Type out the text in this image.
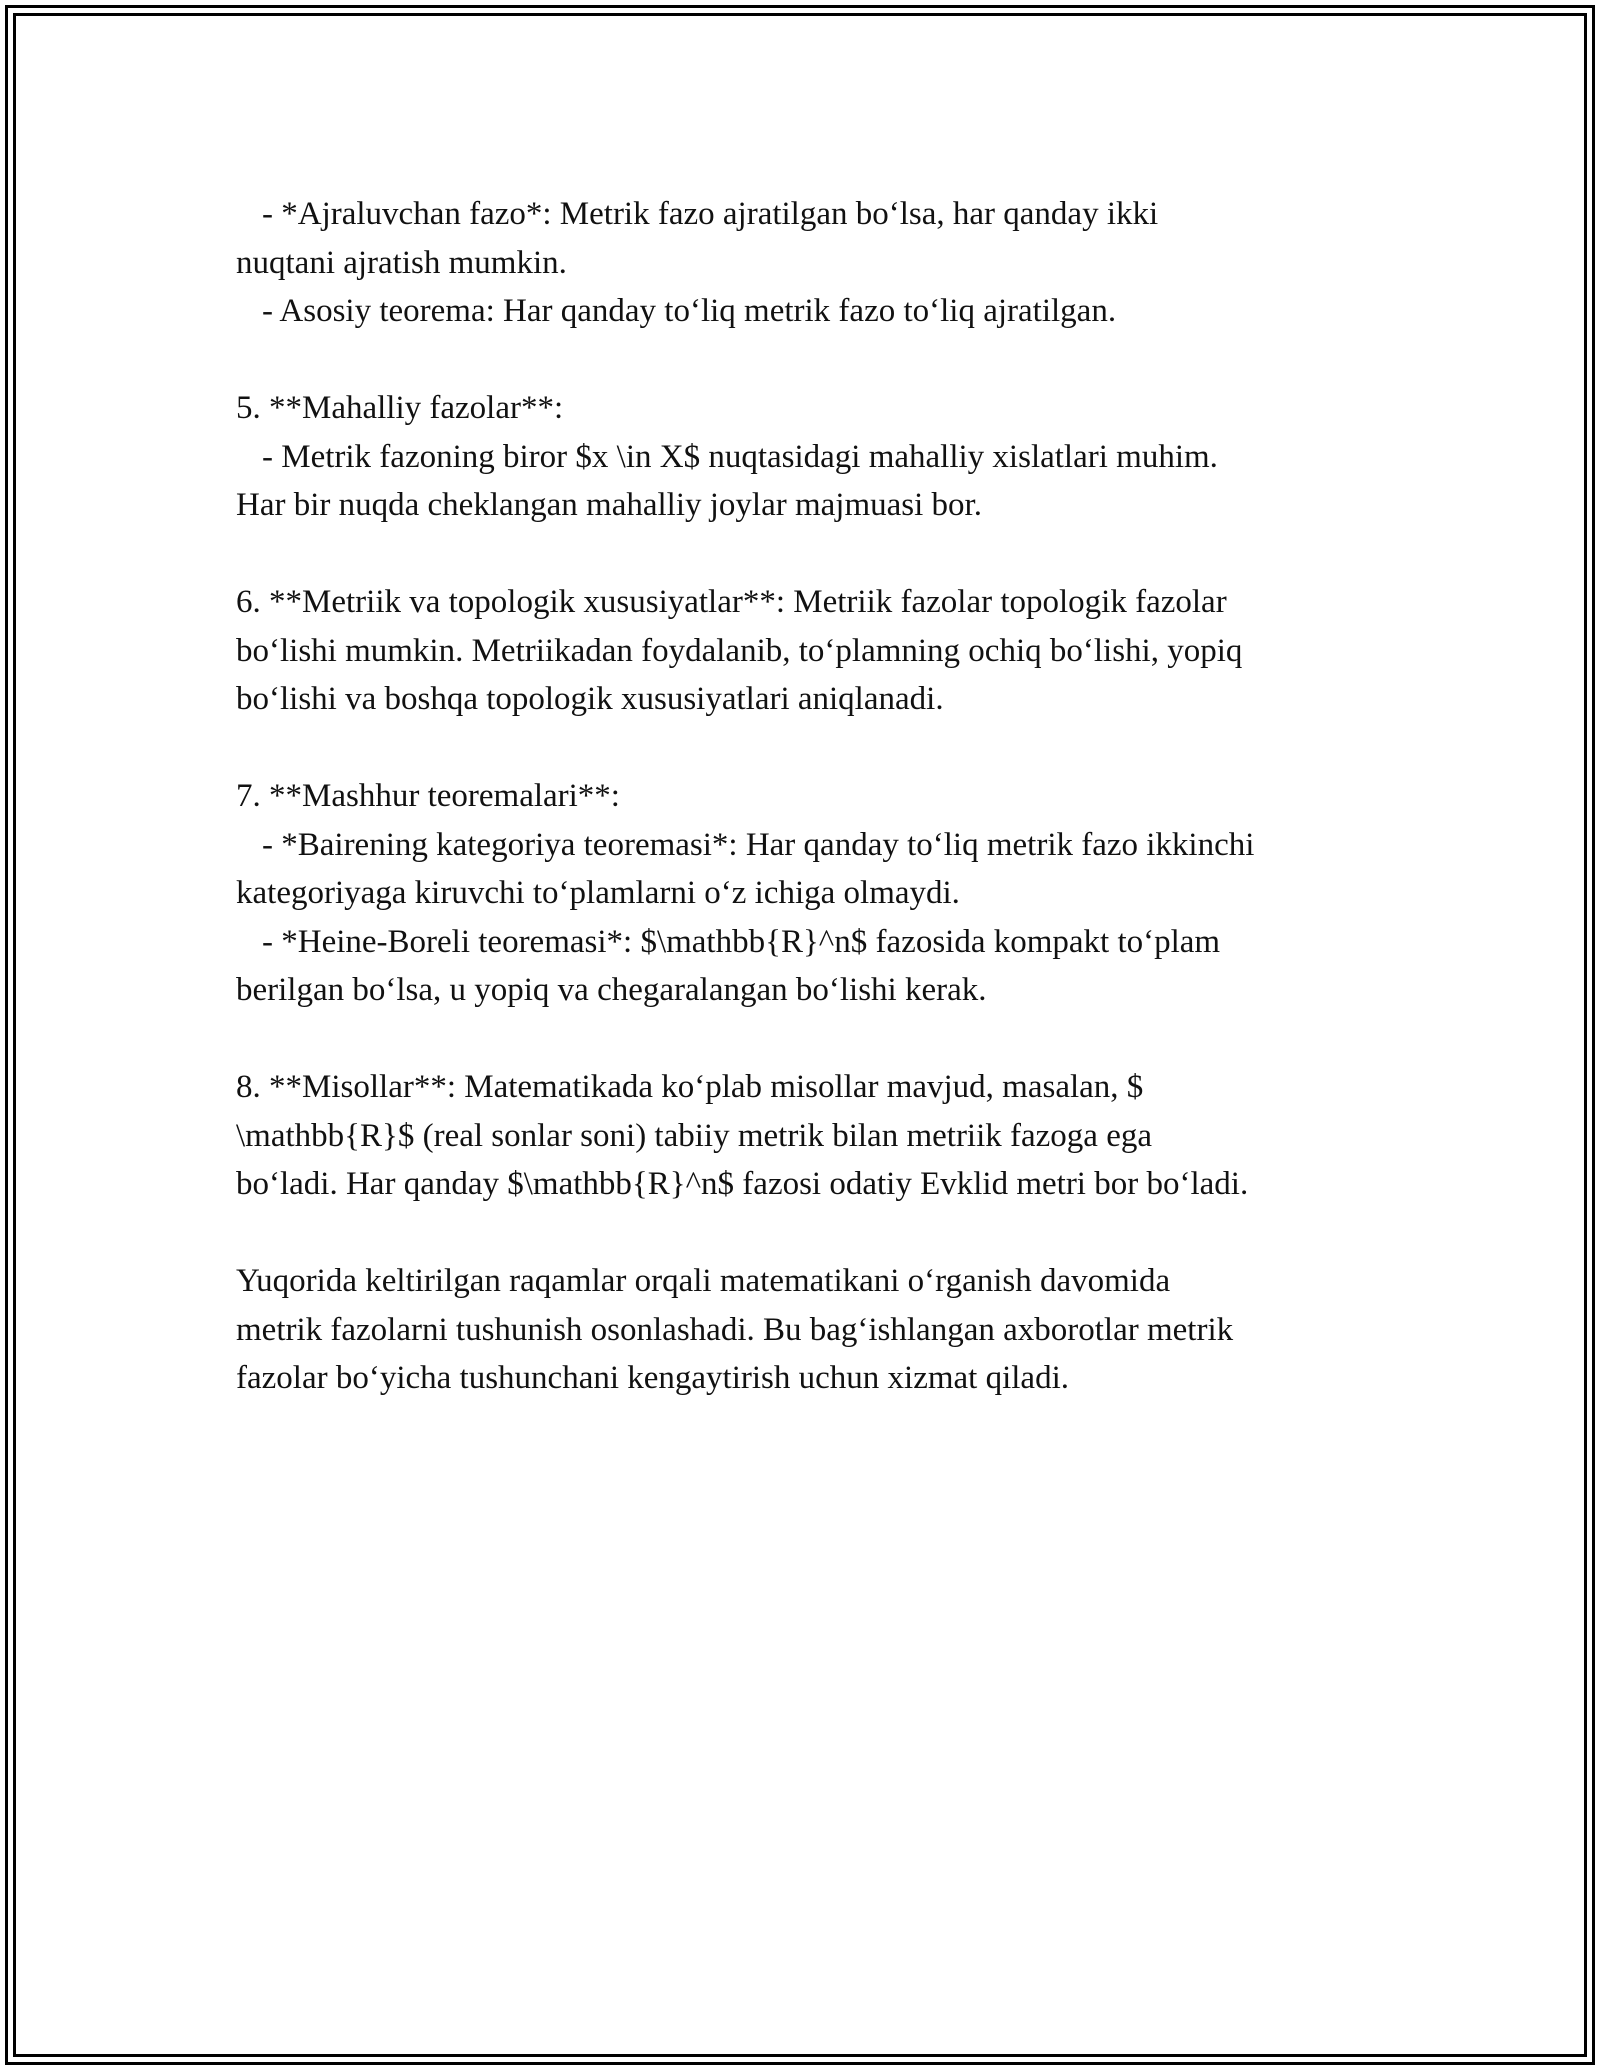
- *Ajraluvchan fazo*: Metrik fazo ajratilgan bo‘lsa, har qanday ikki
nuqtani ajratish mumkin.
- Asosiy teorema: Har qanday to‘liq metrik fazo to‘liq ajratilgan.
5. **Mahalliy fazolar**:
- Metrik fazoning biror $x \in X$ nuqtasidagi mahalliy xislatlari muhim.
Har bir nuqda cheklangan mahalliy joylar majmuasi bor.
6. **Metriik va topologik xususiyatlar**: Metriik fazolar topologik fazolar
bo‘lishi mumkin. Metriikadan foydalanib, to‘plamning ochiq bo‘lishi, yopiq
bo‘lishi va boshqa topologik xususiyatlari aniqlanadi.
7. **Mashhur teoremalari**:
- *Bairening kategoriya teoremasi*: Har qanday to‘liq metrik fazo ikkinchi
kategoriyaga kiruvchi to‘plamlarni o‘z ichiga olmaydi.
- *Heine-Boreli teoremasi*: $\mathbb{R}^n$ fazosida kompakt to‘plam
berilgan bo‘lsa, u yopiq va chegaralangan bo‘lishi kerak.
8. **Misollar**: Matematikada ko‘plab misollar mavjud, masalan, $
\mathbb{R}$ (real sonlar soni) tabiiy metrik bilan metriik fazoga ega
bo‘ladi. Har qanday $\mathbb{R}^n$ fazosi odatiy Evklid metri bor bo‘ladi.
Yuqorida keltirilgan raqamlar orqali matematikani o‘rganish davomida
metrik fazolarni tushunish osonlashadi. Bu bag‘ishlangan axborotlar metrik
fazolar bo‘yicha tushunchani kengaytirish uchun xizmat qiladi.
